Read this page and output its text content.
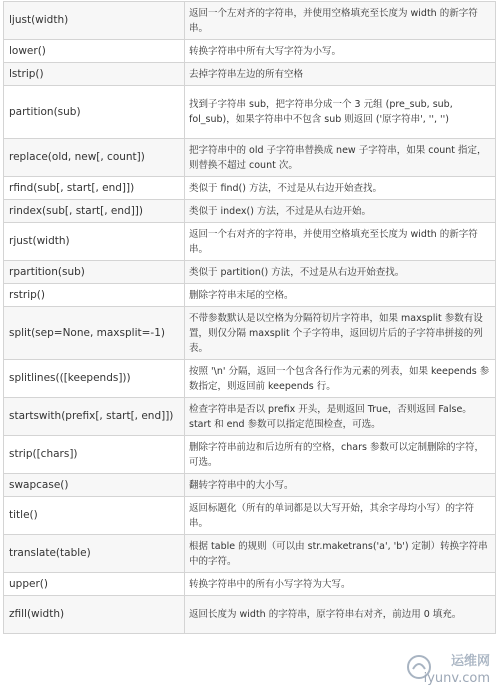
ljust(width)	返回一个左对齐的字符串，并使用空格填充至长度为 width 的新字符串。
lower()	转换字符串中所有大写字符为小写。
lstrip()	去掉字符串左边的所有空格
partition(sub)	找到子字符串 sub，把字符串分成一个 3 元组 (pre_sub, sub, fol_sub)，如果字符串中不包含 sub 则返回 ('原字符串', '', '')
replace(old, new[, count])	把字符串中的 old 子字符串替换成 new 子字符串，如果 count 指定，则替换不超过 count 次。
rfind(sub[, start[, end]])	类似于 find() 方法，不过是从右边开始查找。
rindex(sub[, start[, end]])	类似于 index() 方法，不过是从右边开始。
rjust(width)	返回一个右对齐的字符串，并使用空格填充至长度为 width 的新字符串。
rpartition(sub)	类似于 partition() 方法，不过是从右边开始查找。
rstrip()	删除字符串末尾的空格。
split(sep=None, maxsplit=-1)	不带参数默认是以空格为分隔符切片字符串，如果 maxsplit 参数有设置，则仅分隔 maxsplit 个子字符串，返回切片后的子字符串拼接的列表。
splitlines(([keepends]))	按照 '\n' 分隔，返回一个包含各行作为元素的列表，如果 keepends 参数指定，则返回前 keepends 行。
startswith(prefix[, start[, end]])	检查字符串是否以 prefix 开头，是则返回 True，否则返回 False。start 和 end 参数可以指定范围检查，可选。
strip([chars])	删除字符串前边和后边所有的空格，chars 参数可以定制删除的字符，可选。
swapcase()	翻转字符串中的大小写。
title()	返回标题化（所有的单词都是以大写开始，其余字母均小写）的字符串。
translate(table)	根据 table 的规则（可以由 str.maketrans('a', 'b') 定制）转换字符串中的字符。
upper()	转换字符串中的所有小写字符为大写。
zfill(width)	返回长度为 width 的字符串，原字符串右对齐，前边用 0 填充。
运维网
iyunv.com
